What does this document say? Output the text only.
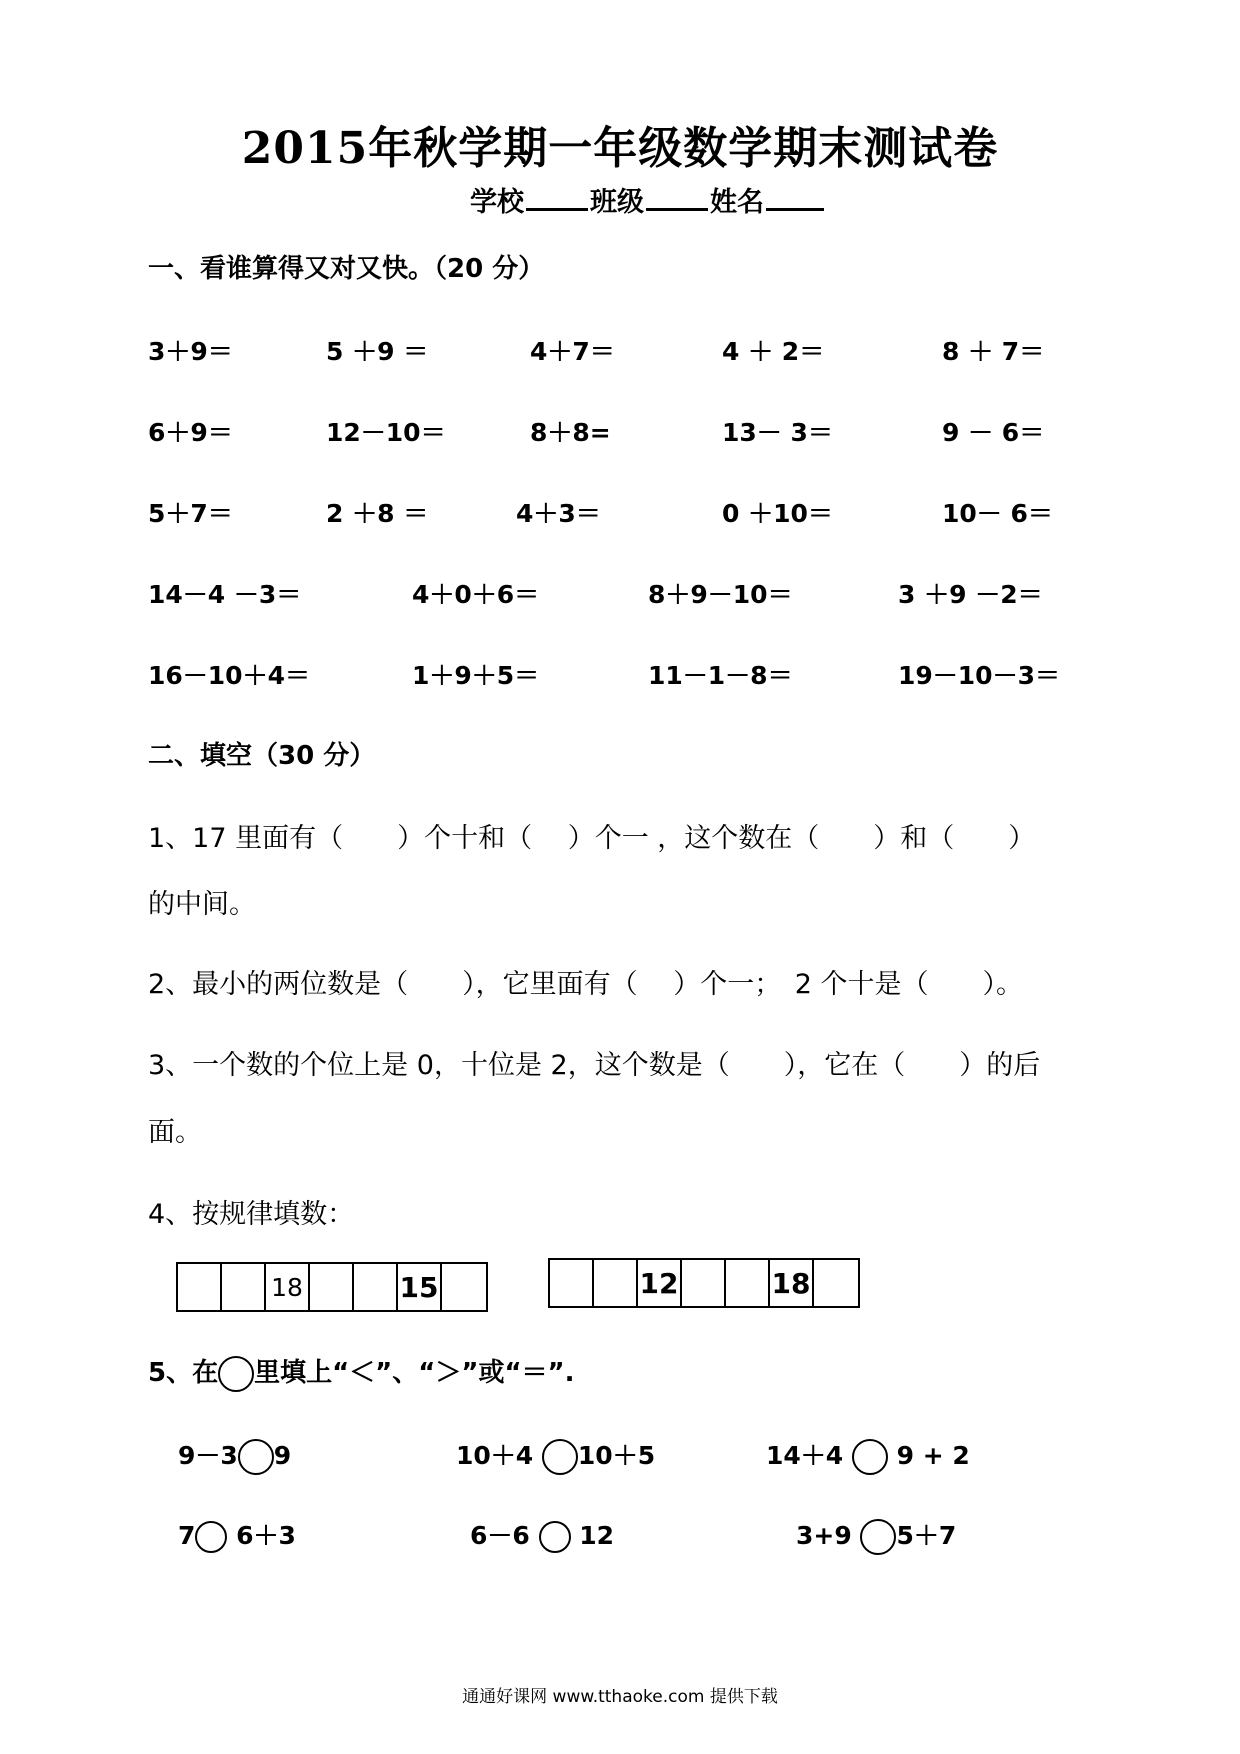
2015年秋学期一年级数学期末测试卷
学校 班级 姓名
一、看谁算得又对又快。（20 分）
3＋9＝	5 ＋9 ＝	4＋7＝	4 ＋ 2＝	8 ＋ 7＝
6＋9＝	12－10＝	8＋8=	13－ 3＝	9 － 6＝
5＋7＝	2 ＋8 ＝	4＋3＝	0 ＋10＝	10－ 6＝
14－4 －3＝	4＋0＋6＝	8＋9－10＝	3 ＋9 －2＝
16－10＋4＝	1＋9＋5＝	11－1－8＝	19－10－3＝
二、填空（30 分）
1、17 里面有（　　）个十和（　 ）个一 ，这个数在（　　）和（　　）
的中间。
2、最小的两位数是（　　），它里面有（　 ）个一；　2 个十是（　　）。
3、一个数的个位上是 0，十位是 2，这个数是（　　），它在（　　）的后
面。
4、按规律填数：
18	15	12	18
5、在 里填上“＜”、“＞”或“＝”.
9－3 9	10＋4 10＋5	14＋4 9 + 2
7 6＋3	6－6 12	3+9 5＋7
通通好课网 www.tthaoke.com 提供下载
